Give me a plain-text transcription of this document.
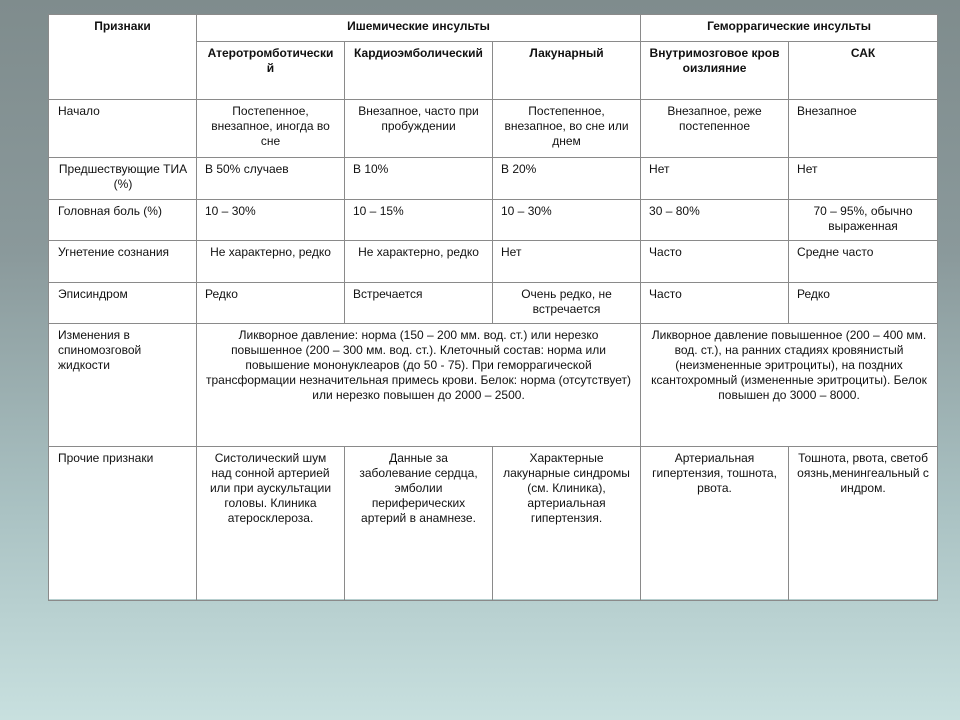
Признаки	Ишемические инсульты			Геморрагические инсульты	
	Атеротромботический	Кардиоэмболический	Лакунарный	Внутримозговое кровоизлияние	САК
Начало	Постепенное, внезапное, иногда во сне	Внезапное, часто при пробуждении	Постепенное, внезапное, во сне или днем	Внезапное, реже постепенное	Внезапное
Предшествующие ТИА (%)	В 50% случаев	В 10%	В 20%	Нет	Нет
Головная боль (%)	10 – 30%	10 – 15%	10 – 30%	30 – 80%	70 – 95%, обычно выраженная
Угнетение сознания	Не характерно, редко	Не характерно, редко	Нет	Часто	Средне часто
Эписиндром	Редко	Встречается	Очень редко, не встречается	Часто	Редко
Изменения в спиномозговой жидкости	Ликворное давление: норма (150 – 200 мм. вод. ст.) или нерезко повышенное (200 – 300 мм. вод. ст.). Клеточный состав: норма или повышение мононуклеаров (до 50 - 75). При геморрагической трансформации незначительная примесь крови. Белок: норма (отсутствует) или нерезко повышен до 2000 – 2500.			Ликворное давление повышенное (200 – 400 мм. вод. ст.), на ранних стадиях кровянистый (неизмененные эритроциты), на поздних ксантохромный (измененные эритроциты). Белок повышен до 3000 – 8000.	
Прочие признаки	Систолический шум над сонной артерией или при аускультации головы. Клиника атеросклероза.	Данные за заболевание сердца, эмболии периферических артерий в анамнезе.	Характерные лакунарные синдромы (см. Клиника), артериальная гипертензия.	Артериальная гипертензия, тошнота, рвота.	Тошнота, рвота, светобоязнь,менингеальный синдром.
